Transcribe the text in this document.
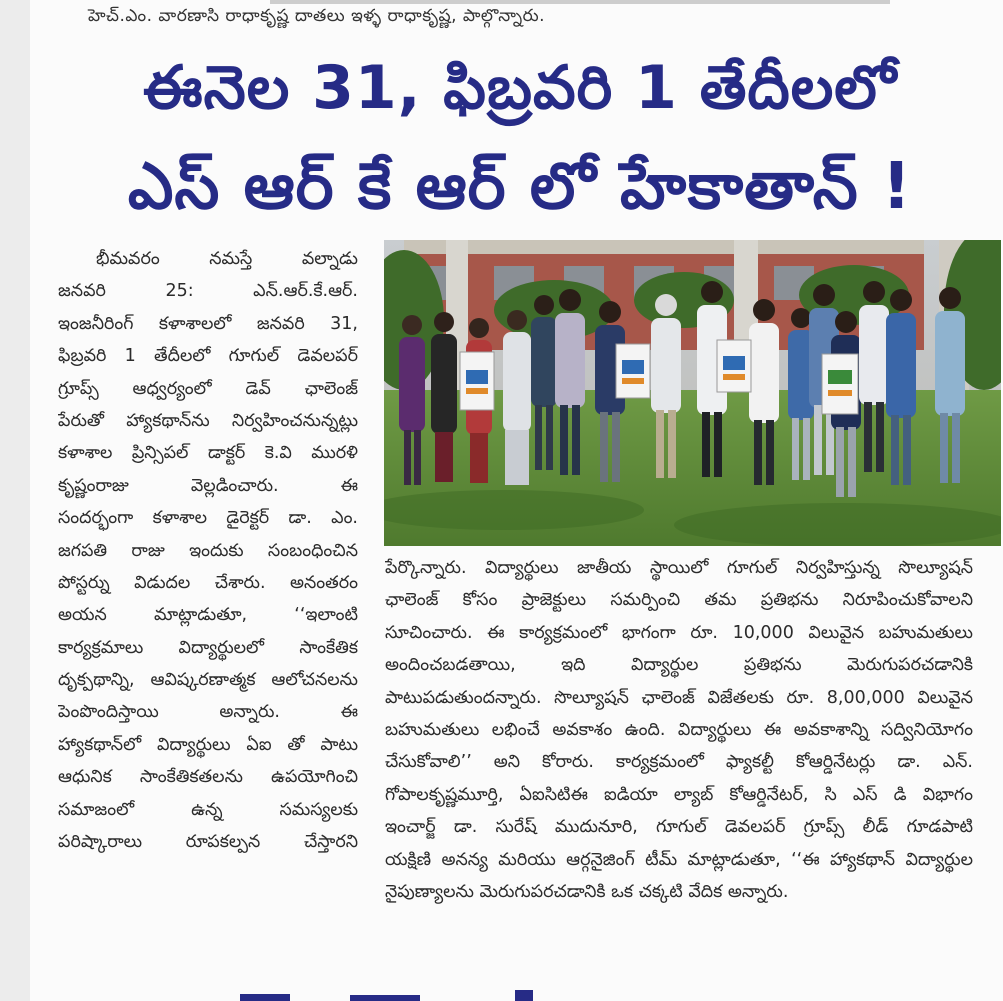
హెచ్.ఎం. వారణాసి రాధాకృష్ణ దాతలు ఇళ్ళ రాధాకృష్ణ, పాల్గొన్నారు.
ఈనెల 31, ఫిబ్రవరి 1 తేదీలలో
ఎస్ ఆర్ కే ఆర్ లో హేకాతాన్ !
భీమవరం నమస్తే వల్నాడు
జనవరి 25: ఎన్.ఆర్.కే.ఆర్.
ఇంజనీరింగ్ కళాశాలలో జనవరి 31,
ఫిబ్రవరి 1 తేదీలలో గూగుల్ డెవలపర్
గ్రూప్స్ ఆధ్వర్యంలో డెవ్ ఛాలెంజ్
పేరుతో హ్యాకథాన్‌ను నిర్వహించనున్నట్లు
కళాశాల ప్రిన్సిపల్ డాక్టర్ కె.వి మురళి
కృష్ణంరాజు వెల్లడించారు. ఈ
సందర్భంగా కళాశాల డైరెక్టర్ డా. ఎం.
జగపతి రాజు ఇందుకు సంబంధించిన
పోస్టర్ను విడుదల చేశారు. అనంతరం
అయన మాట్లాడుతూ, ‘‘ఇలాంటి
కార్యక్రమాలు విద్యార్థులలో సాంకేతిక
దృక్పథాన్ని, ఆవిష్కరణాత్మక ఆలోచనలను
పెంపొందిస్తాయి అన్నారు. ఈ
హ్యాకథాన్‌లో విద్యార్థులు ఏఐ తో పాటు
ఆధునిక సాంకేతికతలను ఉపయోగించి
సమాజంలో ఉన్న సమస్యలకు
పరిష్కారాలు రూపకల్పన చేస్తారని
పేర్కొన్నారు. విద్యార్థులు జాతీయ స్థాయిలో గూగుల్ నిర్వహిస్తున్న సొల్యూషన్
ఛాలెంజ్ కోసం ప్రాజెక్టులు సమర్పించి తమ ప్రతిభను నిరూపించుకోవాలని
సూచించారు. ఈ కార్యక్రమంలో భాగంగా రూ. 10,000 విలువైన బహుమతులు
అందించబడతాయి, ఇది విద్యార్థుల ప్రతిభను మెరుగుపరచడానికి
పాటుపడుతుందన్నారు. సొల్యూషన్ ఛాలెంజ్ విజేతలకు రూ. 8,00,000 విలువైన
బహుమతులు లభించే అవకాశం ఉంది. విద్యార్థులు ఈ అవకాశాన్ని సద్వినియోగం
చేసుకోవాలి’’ అని కోరారు. కార్యక్రమంలో ఫ్యాకల్టీ కోఆర్డినేటర్లు డా. ఎన్.
గోపాలకృష్ణమూర్తి, ఏఐసిటిఈ ఐడియా ల్యాబ్ కోఆర్డినేటర్, సి ఎస్ డి విభాగం
ఇంచార్జ్ డా. సురేష్ ముదునూరి, గూగుల్ డెవలపర్ గ్రూప్స్ లీడ్ గూడపాటి
యక్షిణి అనన్య మరియు ఆర్గనైజింగ్ టీమ్ మాట్లాడుతూ, ‘‘ఈ హ్యాకథాన్ విద్యార్థుల
నైపుణ్యాలను మెరుగుపరచడానికి ఒక చక్కటి వేదిక అన్నారు.
